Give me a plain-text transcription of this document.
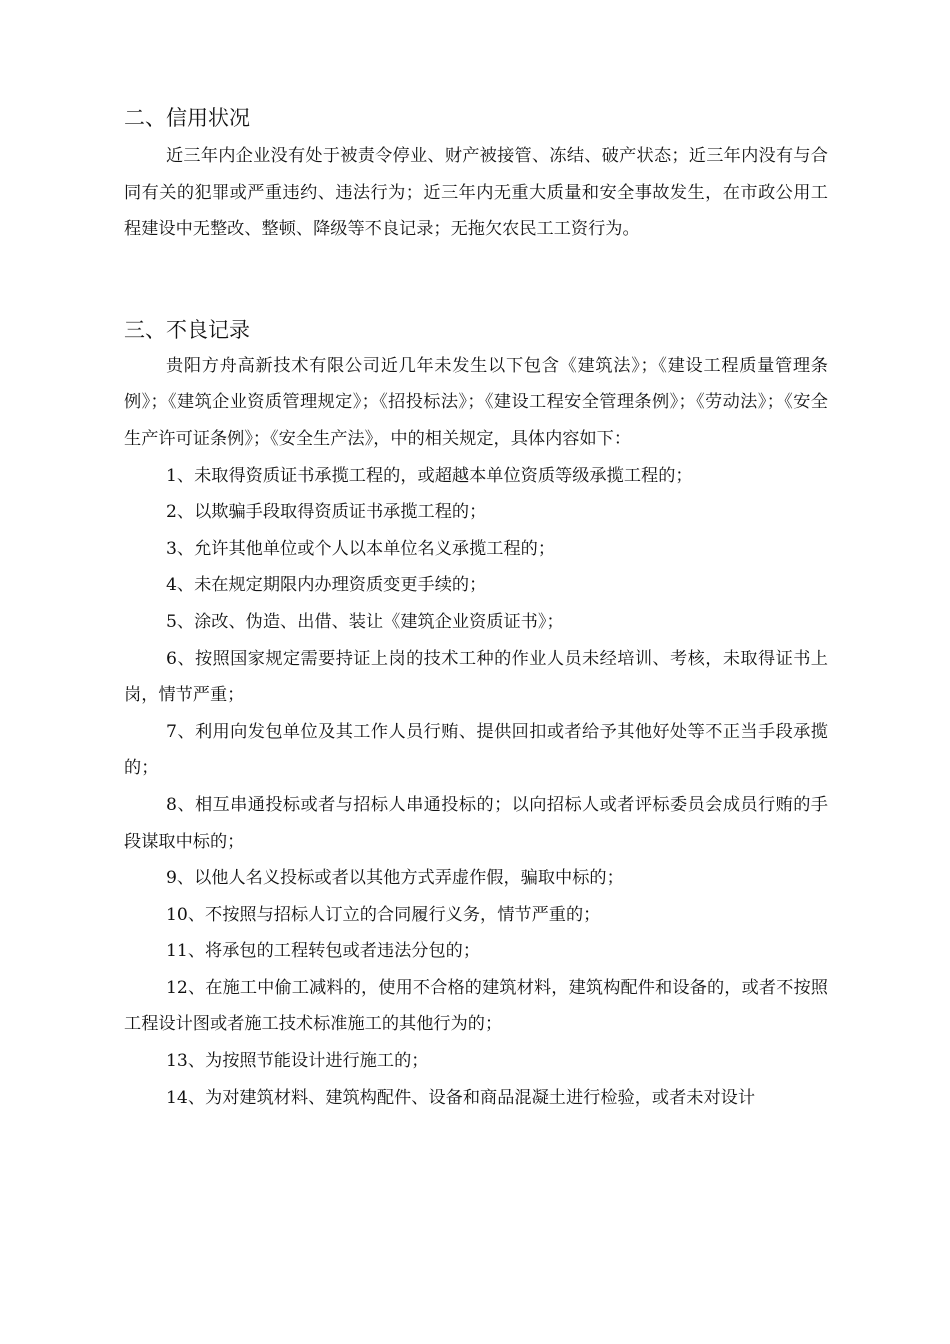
二、信用状况

近三年内企业没有处于被责令停业、财产被接管、冻结、破产状态；近三年内没有与合同有关的犯罪或严重违约、违法行为；近三年内无重大质量和安全事故发生，在市政公用工程建设中无整改、整顿、降级等不良记录；无拖欠农民工工资行为。

三、不良记录

贵阳方舟高新技术有限公司近几年未发生以下包含《建筑法》；《建设工程质量管理条例》；《建筑企业资质管理规定》；《招投标法》；《建设工程安全管理条例》；《劳动法》；《安全生产许可证条例》；《安全生产法》，中的相关规定，具体内容如下：

1、未取得资质证书承揽工程的，或超越本单位资质等级承揽工程的；

2、以欺骗手段取得资质证书承揽工程的；

3、允许其他单位或个人以本单位名义承揽工程的；

4、未在规定期限内办理资质变更手续的；

5、涂改、伪造、出借、装让《建筑企业资质证书》；

6、按照国家规定需要持证上岗的技术工种的作业人员未经培训、考核，未取得证书上岗，情节严重；

7、利用向发包单位及其工作人员行贿、提供回扣或者给予其他好处等不正当手段承揽的；

8、相互串通投标或者与招标人串通投标的；以向招标人或者评标委员会成员行贿的手段谋取中标的；

9、以他人名义投标或者以其他方式弄虚作假，骗取中标的；

10、不按照与招标人订立的合同履行义务，情节严重的；

11、将承包的工程转包或者违法分包的；

12、在施工中偷工减料的，使用不合格的建筑材料，建筑构配件和设备的，或者不按照工程设计图或者施工技术标准施工的其他行为的；

13、为按照节能设计进行施工的；

14、为对建筑材料、建筑构配件、设备和商品混凝土进行检验，或者未对设计
